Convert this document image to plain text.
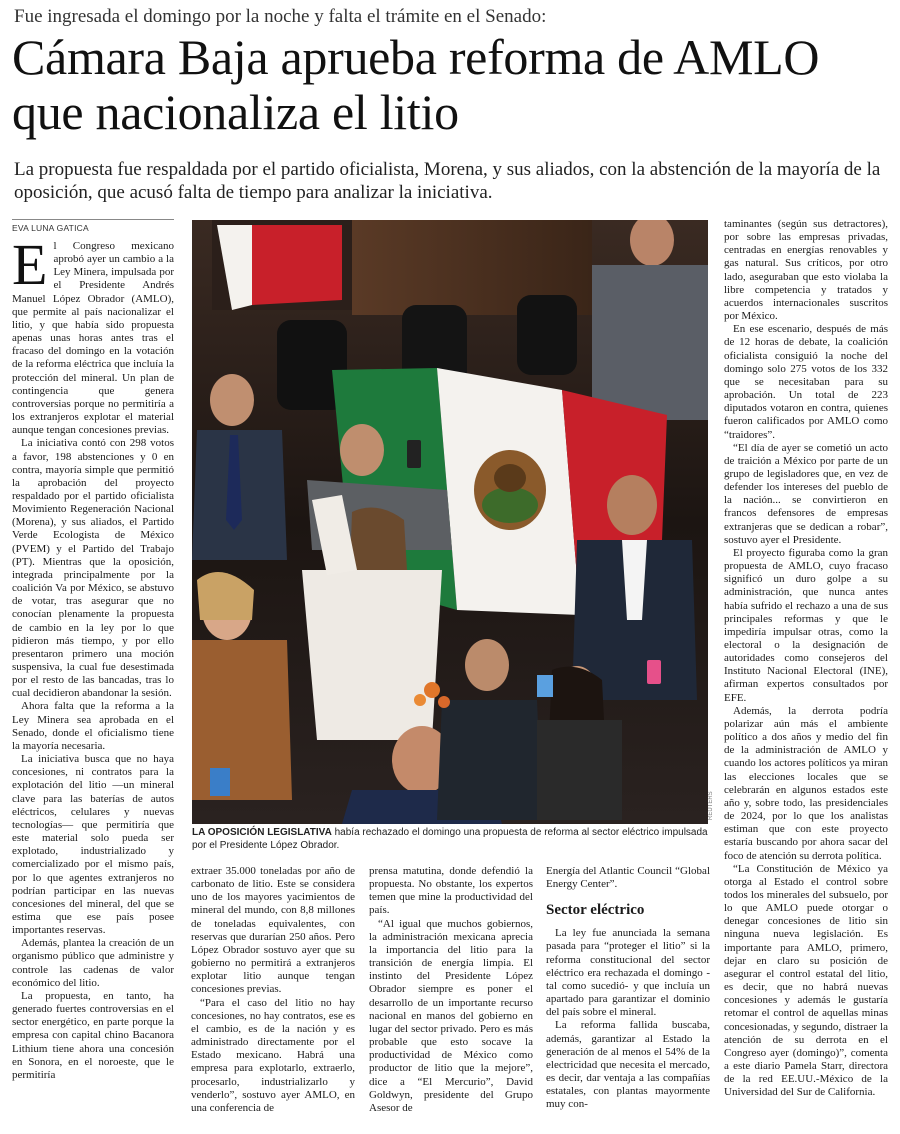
Fue ingresada el domingo por la noche y falta el trámite en el Senado:
Cámara Baja aprueba reforma de AMLO que nacionaliza el litio
La propuesta fue respaldada por el partido oficialista, Morena, y sus aliados, con la abstención de la mayoría de la oposición, que acusó falta de tiempo para analizar la iniciativa.
EVA LUNA GATICA

El Congreso mexicano aprobó ayer un cambio a la Ley Minera, impulsada por el Presidente Andrés Manuel López Obrador (AMLO), que permite al país nacionalizar el litio, y que había sido propuesta apenas unas horas antes tras el fracaso del domingo en la votación de la reforma eléctrica que incluía la protección del mineral. Un plan de contingencia que genera controversias porque no permitiría a los extranjeros explotar el material aunque tengan concesiones previas.

La iniciativa contó con 298 votos a favor, 198 abstenciones y 0 en contra, mayoría simple que permitió la aprobación del proyecto respaldado por el partido oficialista Movimiento Regeneración Nacional (Morena), y sus aliados, el Partido Verde Ecologista de México (PVEM) y el Partido del Trabajo (PT). Mientras que la oposición, integrada principalmente por la coalición Va por México, se abstuvo de votar, tras asegurar que no conocían plenamente la propuesta de cambio en la ley por lo que pidieron más tiempo, y por ello presentaron primero una moción suspensiva, la cual fue desestimada por el resto de las bancadas, tras lo cual decidieron abandonar la sesión.

Ahora falta que la reforma a la Ley Minera sea aprobada en el Senado, donde el oficialismo tiene la mayoría necesaria.

La iniciativa busca que no haya concesiones, ni contratos para la explotación del litio —un mineral clave para las baterías de autos eléctricos, celulares y nuevas tecnologías— que permitiría que este material solo pueda ser explotado, industrializado y comercializado por el mismo país, por lo que agentes extranjeros no podrían participar en las nuevas concesiones del mineral, del que se estima que ese país posee importantes reservas.

Además, plantea la creación de un organismo público que administre y controle las cadenas de valor económico del litio.

La propuesta, en tanto, ha generado fuertes controversias en el sector energético, en parte porque la empresa con capital chino Bacanora Lithium tiene ahora una concesión en Sonora, en el noroeste, que le permitiría

REUTERS
LA OPOSICIÓN LEGISLATIVA había rechazado el domingo una propuesta de reforma al sector eléctrico impulsada por el Presidente López Obrador.

extraer 35.000 toneladas por año de carbonato de litio. Este se considera uno de los mayores yacimientos de mineral del mundo, con 8,8 millones de toneladas equivalentes, con reservas que durarían 250 años. Pero López Obrador sostuvo ayer que su gobierno no permitirá a extranjeros explotar litio aunque tengan concesiones previas.

“Para el caso del litio no hay concesiones, no hay contratos, ese es el cambio, es de la nación y es administrado directamente por el Estado mexicano. Habrá una empresa para explotarlo, extraerlo, procesarlo, industrializarlo y venderlo”, sostuvo ayer AMLO, en una conferencia de

prensa matutina, donde defendió la propuesta. No obstante, los expertos temen que mine la productividad del país.

“Al igual que muchos gobiernos, la administración mexicana aprecia la importancia del litio para la transición de energía limpia. El instinto del Presidente López Obrador siempre es poner el desarrollo de un importante recurso nacional en manos del gobierno en lugar del sector privado. Pero es más probable que esto socave la productividad de México como productor de litio que la mejore”, dice a “El Mercurio”, David Goldwyn, presidente del Grupo Asesor de

Energía del Atlantic Council “Global Energy Center”.

Sector eléctrico

La ley fue anunciada la semana pasada para “proteger el litio” si la reforma constitucional del sector eléctrico era rechazada el domingo -tal como sucedió- y que incluía un apartado para garantizar el dominio del país sobre el mineral.

La reforma fallida buscaba, además, garantizar al Estado la generación de al menos el 54% de la electricidad que necesita el mercado, es decir, dar ventaja a las compañías estatales, con plantas mayormente muy con-

taminantes (según sus detractores), por sobre las empresas privadas, centradas en energías renovables y gas natural. Sus críticos, por otro lado, aseguraban que esto violaba la libre competencia y tratados y acuerdos internacionales suscritos por México.

En ese escenario, después de más de 12 horas de debate, la coalición oficialista consiguió la noche del domingo solo 275 votos de los 332 que se necesitaban para su aprobación. Un total de 223 diputados votaron en contra, quienes fueron calificados por AMLO como “traidores”.

“El día de ayer se cometió un acto de traición a México por parte de un grupo de legisladores que, en vez de defender los intereses del pueblo de la nación... se convirtieron en francos defensores de empresas extranjeras que se dedican a robar”, sostuvo ayer el Presidente.

El proyecto figuraba como la gran propuesta de AMLO, cuyo fracaso significó un duro golpe a su administración, que nunca antes había sufrido el rechazo a una de sus principales reformas y que le impediría impulsar otras, como la electoral o la designación de autoridades como consejeros del Instituto Nacional Electoral (INE), afirman expertos consultados por EFE.

Además, la derrota podría polarizar aún más el ambiente político a dos años y medio del fin de la administración de AMLO y cuando los actores políticos ya miran las elecciones locales que se celebrarán en algunos estados este año y, sobre todo, las presidenciales de 2024, por lo que los analistas estiman que con este proyecto estaría buscando por ahora sacar del foco de atención su derrota política.

“La Constitución de México ya otorga al Estado el control sobre todos los minerales del subsuelo, por lo que AMLO puede otorgar o denegar concesiones de litio sin ninguna nueva legislación. Es importante para AMLO, primero, dejar en claro su posición de asegurar el control estatal del litio, es decir, que no habrá nuevas concesiones y además le gustaría retomar el control de aquellas minas concesionadas, y segundo, distraer la atención de su derrota en el Congreso ayer (domingo)”, comenta a este diario Pamela Starr, directora de la red EE.UU.-México de la Universidad del Sur de California.
